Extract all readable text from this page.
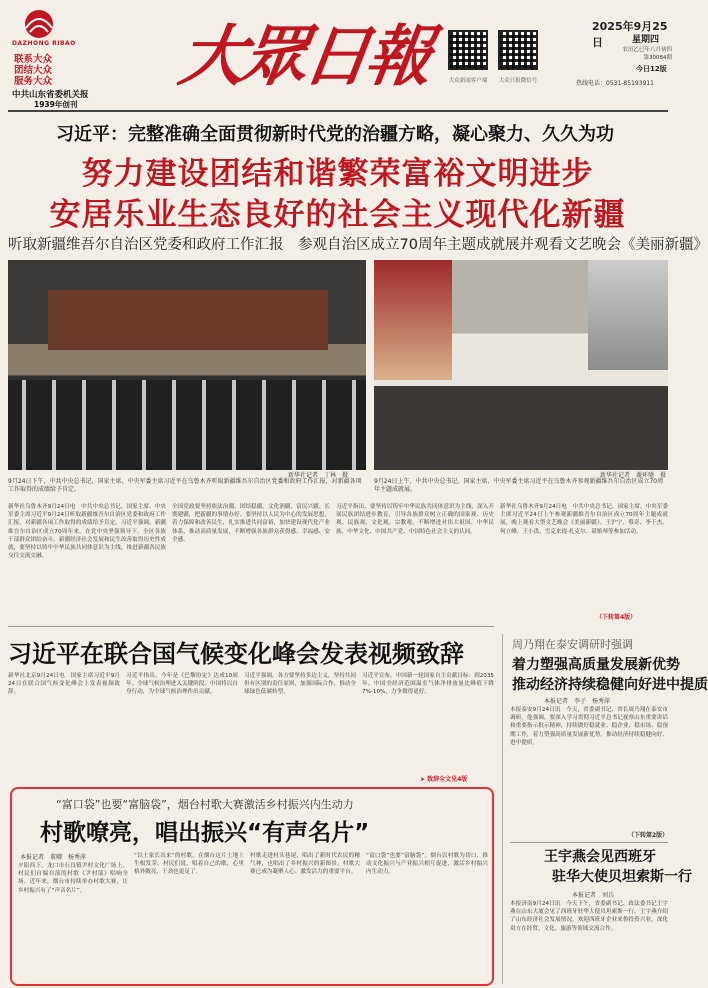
DAZHONG RIBAO
联系大众
团结大众
服务大众
中共山东省委机关报
1939年创刊
大眾日報	大众新闻客户端	大众日报微信号
2025年9月25日	星期四
农历乙巳年八月初四
第30084期
今日12版
热线电话：0531-85193911
习近平：完整准确全面贯彻新时代党的治疆方略，凝心聚力、久久为功
努力建设团结和谐繁荣富裕文明进步
安居乐业生态良好的社会主义现代化新疆
听取新疆维吾尔自治区党委和政府工作汇报　参观自治区成立70周年主题成就展并观看文艺晚会《美丽新疆》
新华社记者　丁林　摄	新华社记者　谢环驰　摄
9月24日下午，中共中央总书记、国家主席、中央军委主席习近平在乌鲁木齐听取新疆维吾尔自治区党委和政府工作汇报，对新疆各项工作取得的成绩给予肯定。
9月24日上午，中共中央总书记、国家主席、中央军委主席习近平在乌鲁木齐参观新疆维吾尔自治区成立70周年主题成就展。
新华社乌鲁木齐9月24日电　中共中央总书记、国家主席、中央军委主席习近平9月24日听取新疆维吾尔自治区党委和政府工作汇报，对新疆各项工作取得的成绩给予肯定。习近平强调，新疆维吾尔自治区成立70周年来，在党中央坚强领导下，全区各族干部群众团结奋斗，新疆经济社会发展和民生改善取得历史性成就，要坚持以铸牢中华民族共同体意识为主线，推进新疆各民族交往交流交融。
全国党政要坚持依法治疆、团结稳疆、文化润疆、富民兴疆、长期建疆，把新疆的事情办好。要坚持以人民为中心的发展思想，着力保障和改善民生，扎实推进共同富裕，加快建设现代化产业体系，推动高质量发展，不断增强各族群众获得感、幸福感、安全感。
习近平指出，要坚持以铸牢中华民族共同体意识为主线，深入开展民族团结进步教育，引导各族群众树立正确的国家观、历史观、民族观、文化观、宗教观，不断增进对伟大祖国、中华民族、中华文化、中国共产党、中国特色社会主义的认同。
新华社乌鲁木齐9月24日电　中共中央总书记、国家主席、中央军委主席习近平24日上午参观新疆维吾尔自治区成立70周年主题成就展，晚上观看大型文艺晚会《美丽新疆》。王沪宁、蔡奇、李干杰、何立峰、王小洪、雪克来提·扎克尔、谌贻琴等参加活动。
（下转第4版）
习近平在联合国气候变化峰会发表视频致辞
新华社北京9月24日电　国家主席习近平9月24日在联合国气候变化峰会上发表视频致辞。
习近平指出，今年是《巴黎协定》达成10周年。全球气候治理进入关键阶段。中国将以自身行动，为全球气候治理作出贡献。
习近平强调，各方要坚持多边主义，坚持共同但有区别的责任原则，加强国际合作，推动全球绿色低碳转型。
习近平宣布，中国新一轮国家自主贡献目标：到2035年，中国全经济范围温室气体净排放量比峰值下降7%-10%，力争做得更好。
➤ 致辞全文见4版
周乃翔在泰安调研时强调
着力塑强高质量发展新优势
推动经济持续稳健向好进中提质
本报记者　李子　杨秀萍
本报泰安9月24日讯　今天，省委副书记、省长周乃翔在泰安市调研。他强调，要深入学习贯彻习近平总书记视察山东重要讲话和重要指示批示精神，持续做好稳就业、稳企业、稳市场、稳预期工作，着力塑强高质量发展新优势，推动经济持续稳健向好、进中提质。
（下转第2版）
王宇燕会见西班牙
驻华大使贝坦索斯一行
本报记者　刘兵
本报济南9月24日讯　今天下午，省委副书记、政法委书记王宇燕在山东大厦会见了西班牙驻华大使贝坦索斯一行。王宇燕介绍了山东经济社会发展情况，欢迎西班牙企业来鲁投资兴业，深化双方在经贸、文化、旅游等领域交流合作。
“富口袋”也要“富脑袋”，烟台村歌大赛激活乡村振兴内生动力
村歌嘹亮，唱出振兴“有声名片”
本报记者　董卿　杨秀萍
夕阳西下，龙口市石良镇尹村文化广场上，村民们自编自演的村歌《尹村谣》唱响全场。近年来，烟台市持续举办村歌大赛，让乡村振兴有了“声音名片”。
“以土家长出来”的村歌，在烟台这片土地上生根发芽。村民们说，唱着自己的歌，心里格外敞亮，干劲也更足了。
村歌走进村头巷尾，唱出了新时代农民的精气神，也唱出了乡村振兴的新图景。村歌大赛已成为凝聚人心、激发活力的重要平台。
“富口袋”也要“富脑袋”。烟台以村歌为切口，推动文化振兴与产业振兴相互促进，激活乡村振兴内生动力。
